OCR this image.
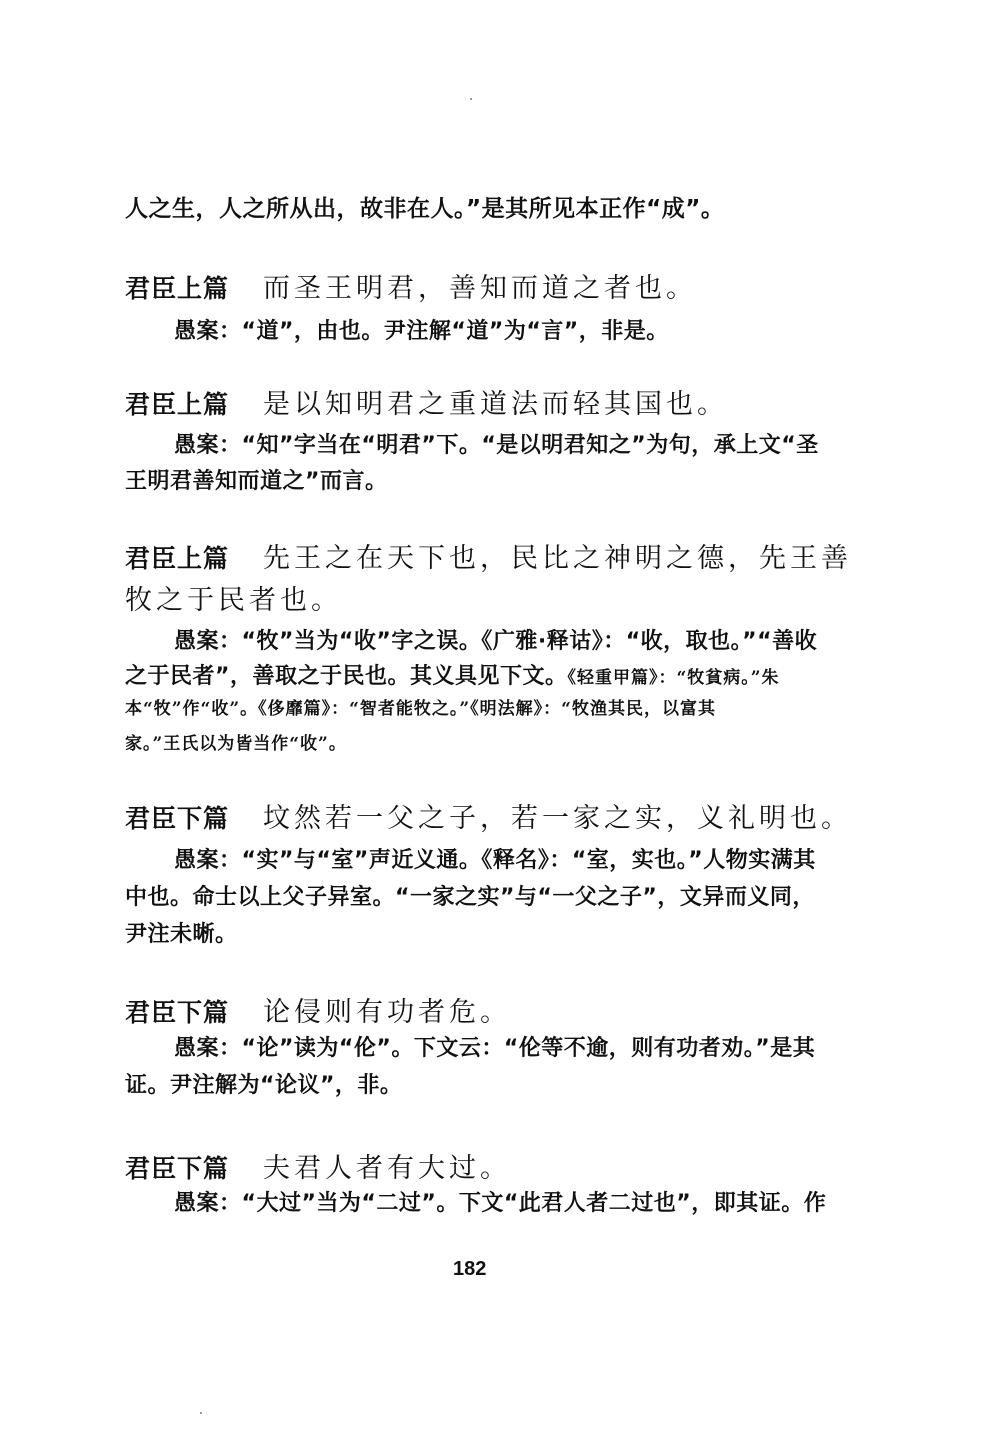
人之生，人之所从出，故非在人。”是其所见本正作“成”。
君臣上篇 而圣王明君，善知而道之者也。
愚案：“道”，由也。尹注解“道”为“言”，非是。
君臣上篇 是以知明君之重道法而轻其国也。
愚案：“知”字当在“明君”下。“是以明君知之”为句，承上文“圣
王明君善知而道之”而言。
君臣上篇 先王之在天下也，民比之神明之德，先王善
牧之于民者也。
愚案：“牧”当为“收”字之误。《广雅·释诂》：“收，取也。”“善收
之于民者”，善取之于民也。其义具见下文。《轻重甲篇》：“牧貧病。”朱
本“牧”作“收”。《侈靡篇》：“智者能牧之。”《明法解》：“牧渔其民，以富其
家。”王氏以为皆当作“收”。
君臣下篇 坟然若一父之子，若一家之实，义礼明也。
愚案：“实”与“室”声近义通。《释名》：“室，实也。”人物实满其
中也。命士以上父子异室。“一家之实”与“一父之子”，文异而义同，
尹注未晰。
君臣下篇 论侵则有功者危。
愚案：“论”读为“伦”。下文云：“伦等不逾，则有功者劝。”是其
证。尹注解为“论议”，非。
君臣下篇 夫君人者有大过。
愚案：“大过”当为“二过”。下文“此君人者二过也”，即其证。作
182
